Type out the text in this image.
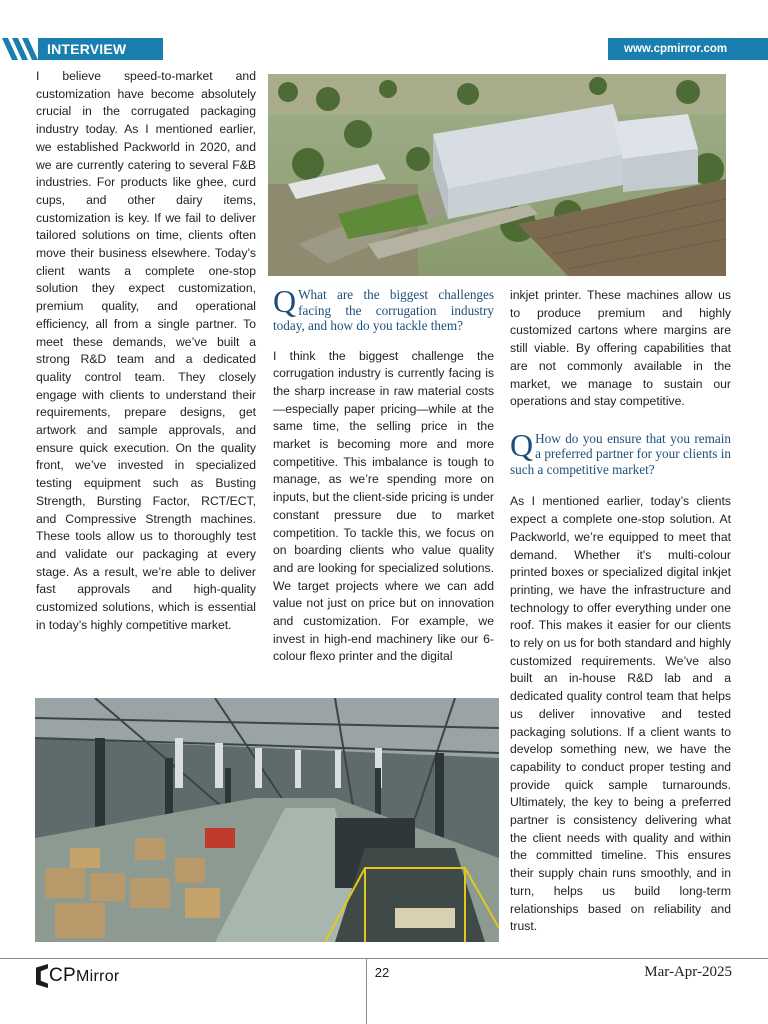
INTERVIEW	www.cpmirror.com

I believe speed-to-market and customization have become absolutely crucial in the corrugated packaging industry today. As I mentioned earlier, we established Packworld in 2020, and we are currently catering to several F&B industries. For products like ghee, curd cups, and other dairy items, customization is key. If we fail to deliver tailored solutions on time, clients often move their business elsewhere. Today’s client wants a complete one-stop solution they expect customization, premium quality, and operational efficiency, all from a single partner. To meet these demands, we’ve built a strong R&D team and a dedicated quality control team. They closely engage with clients to understand their requirements, prepare designs, get artwork and sample approvals, and ensure quick execution. On the quality front, we’ve invested in specialized testing equipment such as Busting Strength, Bursting Factor, RCT/ECT, and Compressive Strength machines. These tools allow us to thoroughly test and validate our packaging at every stage. As a result, we’re able to deliver fast approvals and high-quality customized solutions, which is essential in today’s highly competitive market.

Q What are the biggest challenges facing the corrugation industry today, and how do you tackle them?

I think the biggest challenge the corrugation industry is currently facing is the sharp increase in raw material costs—especially paper pricing—while at the same time, the selling price in the market is becoming more and more competitive. This imbalance is tough to manage, as we’re spending more on inputs, but the client-side pricing is under constant pressure due to market competition. To tackle this, we focus on on boarding clients who value quality and are looking for specialized solutions. We target projects where we can add value not just on price but on innovation and customization. For example, we invest in high-end machinery like our 6-colour flexo printer and the digital

inkjet printer. These machines allow us to produce premium and highly customized cartons where margins are still viable. By offering capabilities that are not commonly available in the market, we manage to sustain our operations and stay competitive.

Q How do you ensure that you remain a preferred partner for your clients in such a competitive market?

As I mentioned earlier, today’s clients expect a complete one-stop solution. At Packworld, we’re equipped to meet that demand. Whether it's multi-colour printed boxes or specialized digital inkjet printing, we have the infrastructure and technology to offer everything under one roof. This makes it easier for our clients to rely on us for both standard and highly customized requirements. We’ve also built an in-house R&D lab and a dedicated quality control team that helps us deliver innovative and tested packaging solutions. If a client wants to develop something new, we have the capability to conduct proper testing and provide quick sample turnarounds. Ultimately, the key to being a preferred partner is consistency delivering what the client needs with quality and within the committed timeline. This ensures their supply chain runs smoothly, and in turn, helps us build long-term relationships based on reliability and trust.

CPMirror	22	Mar-Apr-2025
